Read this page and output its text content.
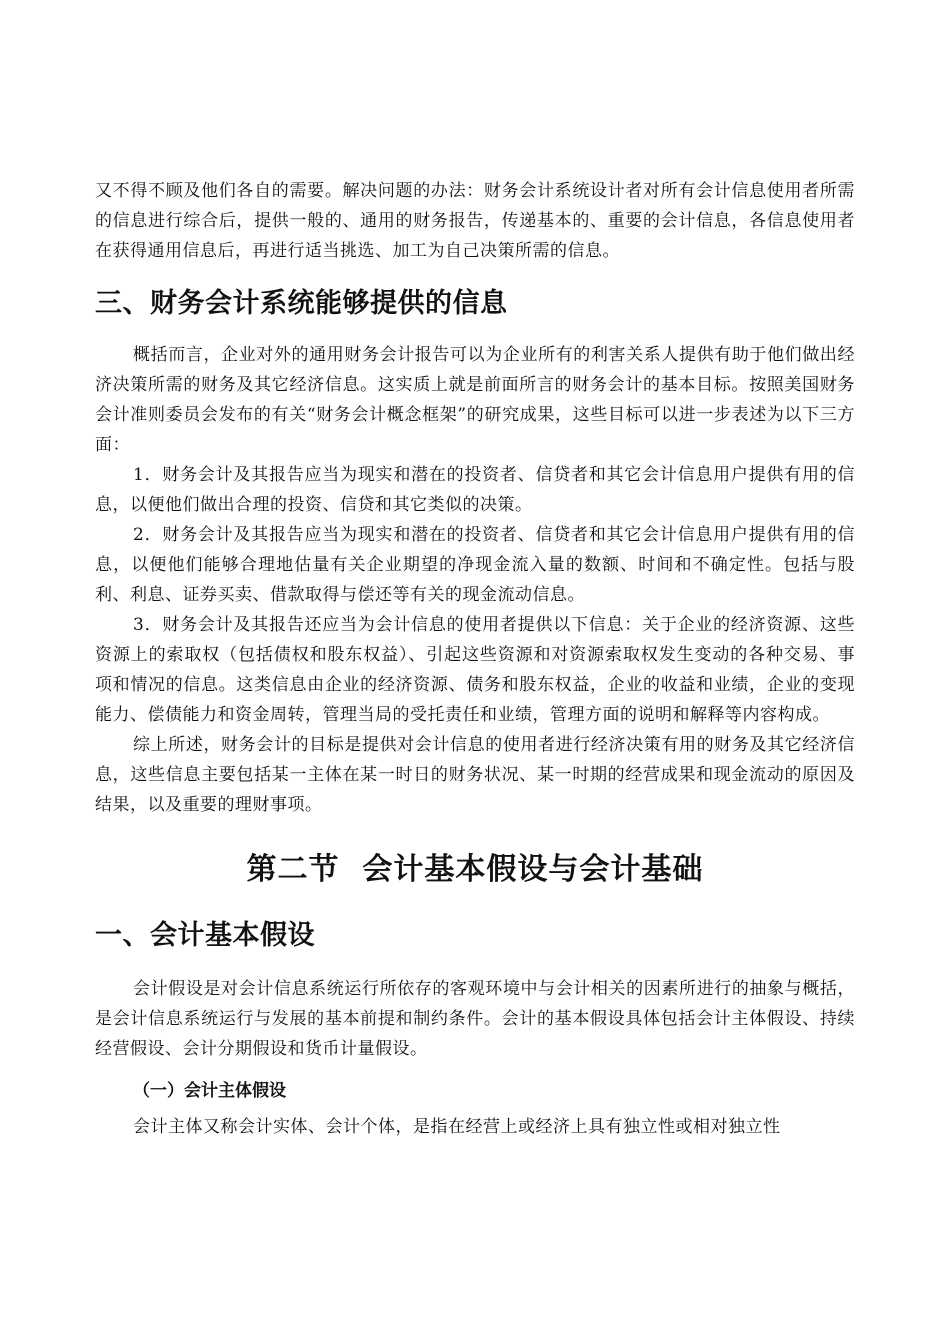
又不得不顾及他们各自的需要。解决问题的办法：财务会计系统设计者对所有会计信息使用者所需的信息进行综合后，提供一般的、通用的财务报告，传递基本的、重要的会计信息，各信息使用者在获得通用信息后，再进行适当挑选、加工为自己决策所需的信息。

三、财务会计系统能够提供的信息

概括而言，企业对外的通用财务会计报告可以为企业所有的利害关系人提供有助于他们做出经济决策所需的财务及其它经济信息。这实质上就是前面所言的财务会计的基本目标。按照美国财务会计准则委员会发布的有关“财务会计概念框架”的研究成果，这些目标可以进一步表述为以下三方面：

1．财务会计及其报告应当为现实和潜在的投资者、信贷者和其它会计信息用户提供有用的信息，以便他们做出合理的投资、信贷和其它类似的决策。

2．财务会计及其报告应当为现实和潜在的投资者、信贷者和其它会计信息用户提供有用的信息，以便他们能够合理地估量有关企业期望的净现金流入量的数额、时间和不确定性。包括与股利、利息、证券买卖、借款取得与偿还等有关的现金流动信息。

3．财务会计及其报告还应当为会计信息的使用者提供以下信息：关于企业的经济资源、这些资源上的索取权（包括债权和股东权益）、引起这些资源和对资源索取权发生变动的各种交易、事项和情况的信息。这类信息由企业的经济资源、债务和股东权益，企业的收益和业绩，企业的变现能力、偿债能力和资金周转，管理当局的受托责任和业绩，管理方面的说明和解释等内容构成。

综上所述，财务会计的目标是提供对会计信息的使用者进行经济决策有用的财务及其它经济信息，这些信息主要包括某一主体在某一时日的财务状况、某一时期的经营成果和现金流动的原因及结果，以及重要的理财事项。

第二节  会计基本假设与会计基础
一、会计基本假设

会计假设是对会计信息系统运行所依存的客观环境中与会计相关的因素所进行的抽象与概括，是会计信息系统运行与发展的基本前提和制约条件。会计的基本假设具体包括会计主体假设、持续经营假设、会计分期假设和货币计量假设。

（一）会计主体假设

会计主体又称会计实体、会计个体，是指在经营上或经济上具有独立性或相对独立性
